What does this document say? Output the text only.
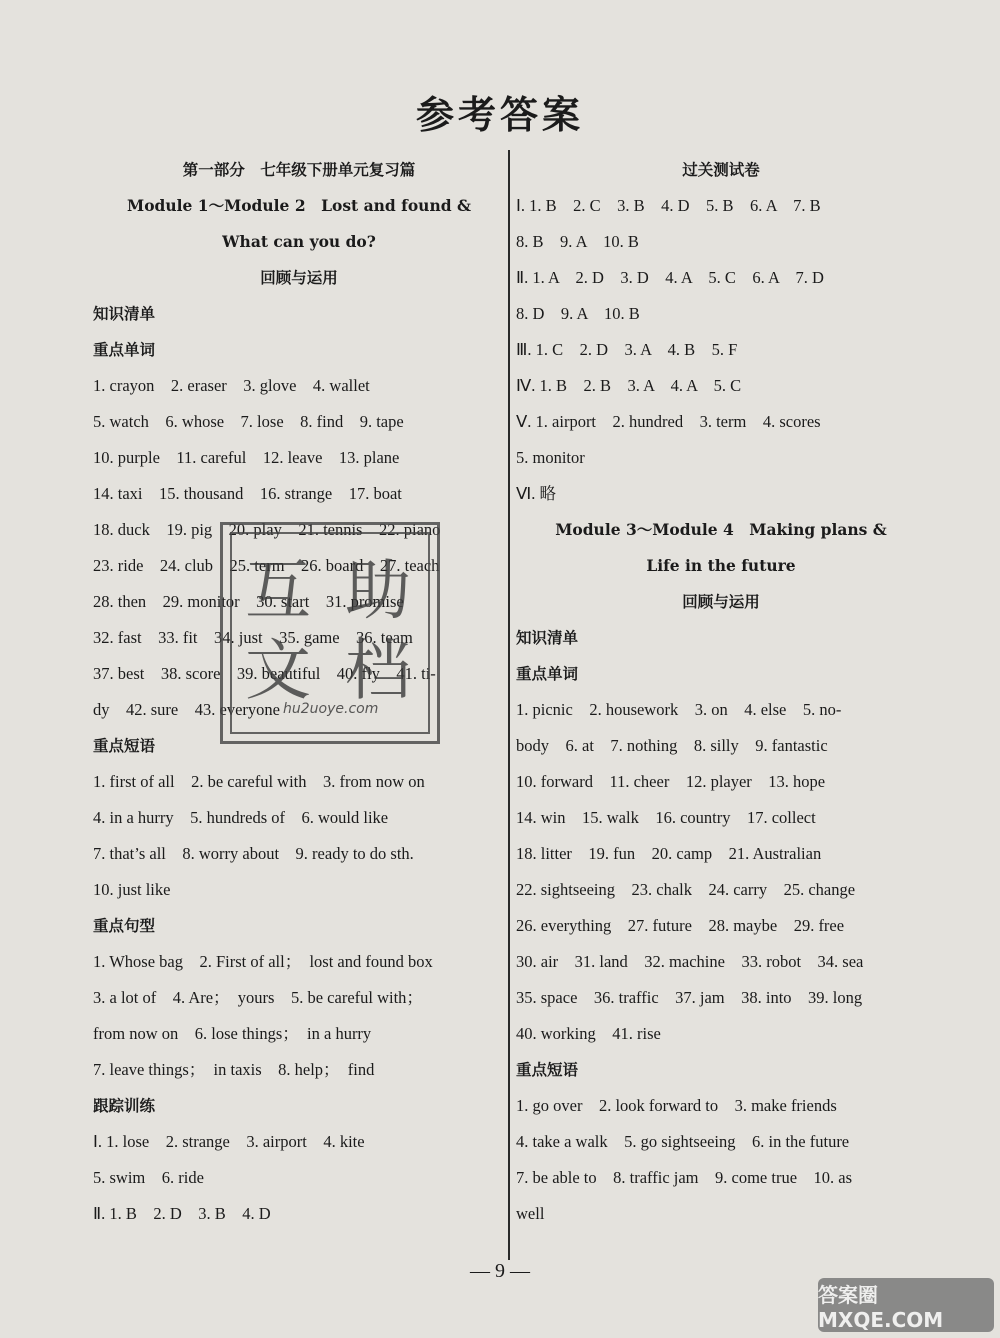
参考答案
第一部分　七年级下册单元复习篇
Module 1～Module 2　Lost and found &
What can you do?
回顾与运用
知识清单
重点单词
1. crayon　2. eraser　3. glove　4. wallet
5. watch　6. whose　7. lose　8. find　9. tape
10. purple　11. careful　12. leave　13. plane
14. taxi　15. thousand　16. strange　17. boat
18. duck　19. pig　20. play　21. tennis　22. piano
23. ride　24. club　25. term　26. board　27. teach
28. then　29. monitor　30. start　31. promise
32. fast　33. fit　34. just　35. game　36. team
37. best　38. score　39. beautiful　40. fly　41. ti-
dy　42. sure　43. everyone
重点短语
1. first of all　2. be careful with　3. from now on
4. in a hurry　5. hundreds of　6. would like
7. that’s all　8. worry about　9. ready to do sth.
10. just like
重点句型
1. Whose bag　2. First of all；　lost and found box
3. a lot of　4. Are；　yours　5. be careful with；
from now on　6. lose things；　in a hurry
7. leave things；　in taxis　8. help；　find
跟踪训练
Ⅰ. 1. lose　2. strange　3. airport　4. kite
5. swim　6. ride
Ⅱ. 1. B　2. D　3. B　4. D
过关测试卷
Ⅰ. 1. B　2. C　3. B　4. D　5. B　6. A　7. B
8. B　9. A　10. B
Ⅱ. 1. A　2. D　3. D　4. A　5. C　6. A　7. D
8. D　9. A　10. B
Ⅲ. 1. C　2. D　3. A　4. B　5. F
Ⅳ. 1. B　2. B　3. A　4. A　5. C
Ⅴ. 1. airport　2. hundred　3. term　4. scores
5. monitor
Ⅵ. 略
Module 3～Module 4　Making plans &
Life in the future
回顾与运用
知识清单
重点单词
1. picnic　2. housework　3. on　4. else　5. no-
body　6. at　7. nothing　8. silly　9. fantastic
10. forward　11. cheer　12. player　13. hope
14. win　15. walk　16. country　17. collect
18. litter　19. fun　20. camp　21. Australian
22. sightseeing　23. chalk　24. carry　25. change
26. everything　27. future　28. maybe　29. free
30. air　31. land　32. machine　33. robot　34. sea
35. space　36. traffic　37. jam　38. into　39. long
40. working　41. rise
重点短语
1. go over　2. look forward to　3. make friends
4. take a walk　5. go sightseeing　6. in the future
7. be able to　8. traffic jam　9. come true　10. as
well
互 助
文 档
hu2uoye.com
— 9 —
答案圈 MXQE.COM
